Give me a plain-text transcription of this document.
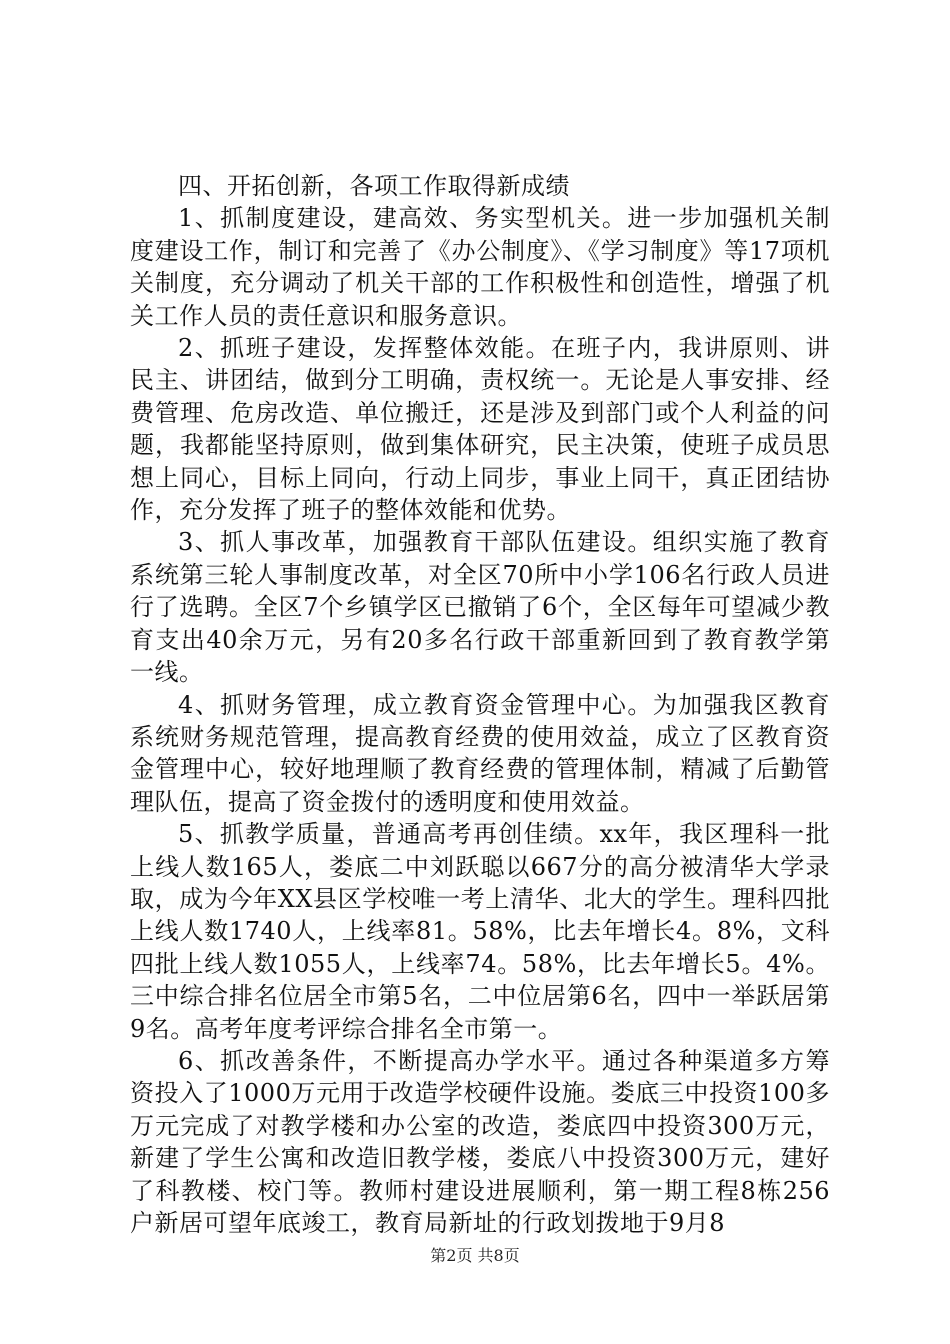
四、开拓创新，各项工作取得新成绩

1、抓制度建设，建高效、务实型机关。进一步加强机关制度建设工作，制订和完善了《办公制度》、《学习制度》等17项机关制度，充分调动了机关干部的工作积极性和创造性，增强了机关工作人员的责任意识和服务意识。

2、抓班子建设，发挥整体效能。在班子内，我讲原则、讲民主、讲团结，做到分工明确，责权统一。无论是人事安排、经费管理、危房改造、单位搬迁，还是涉及到部门或个人利益的问题，我都能坚持原则，做到集体研究，民主决策，使班子成员思想上同心，目标上同向，行动上同步，事业上同干，真正团结协作，充分发挥了班子的整体效能和优势。

3、抓人事改革，加强教育干部队伍建设。组织实施了教育系统第三轮人事制度改革，对全区70所中小学106名行政人员进行了选聘。全区7个乡镇学区已撤销了6个，全区每年可望减少教育支出40余万元，另有20多名行政干部重新回到了教育教学第一线。

4、抓财务管理，成立教育资金管理中心。为加强我区教育系统财务规范管理，提高教育经费的使用效益，成立了区教育资金管理中心，较好地理顺了教育经费的管理体制，精减了后勤管理队伍，提高了资金拨付的透明度和使用效益。

5、抓教学质量，普通高考再创佳绩。xx年，我区理科一批上线人数165人，娄底二中刘跃聪以667分的高分被清华大学录取，成为今年XX县区学校唯一考上清华、北大的学生。理科四批上线人数1740人，上线率81。58%，比去年增长4。8%，文科四批上线人数1055人，上线率74。58%，比去年增长5。4%。三中综合排名位居全市第5名，二中位居第6名，四中一举跃居第9名。高考年度考评综合排名全市第一。

6、抓改善条件，不断提高办学水平。通过各种渠道多方筹资投入了1000万元用于改造学校硬件设施。娄底三中投资100多万元完成了对教学楼和办公室的改造，娄底四中投资300万元，新建了学生公寓和改造旧教学楼，娄底八中投资300万元，建好了科教楼、校门等。教师村建设进展顺利，第一期工程8栋256户新居可望年底竣工，教育局新址的行政划拨地于9月8

第2页 共8页
